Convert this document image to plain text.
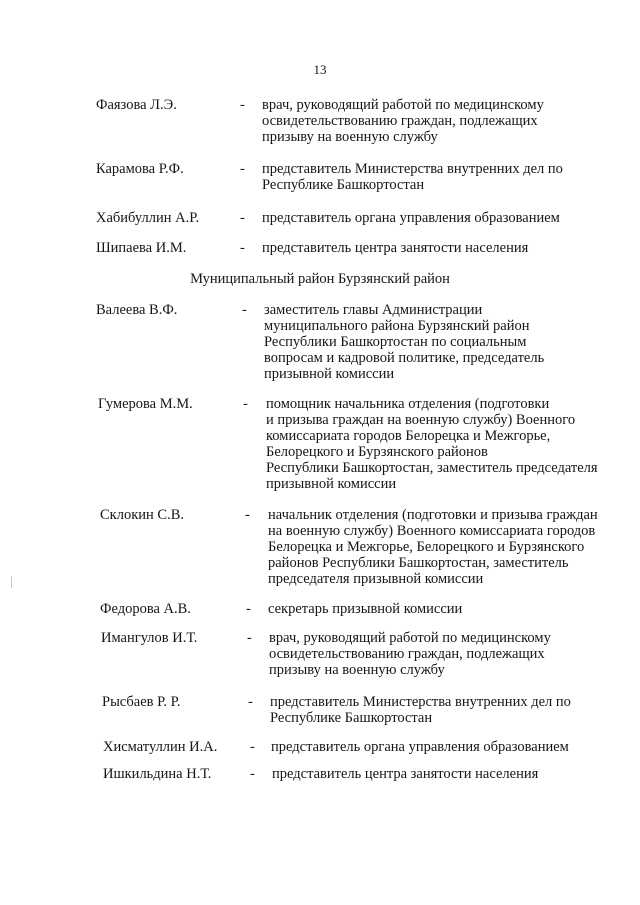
13
Фаязова Л.Э.	- врач, руководящий работой по медицинскому
освидетельствованию граждан, подлежащих
призыву на военную службу
Карамова Р.Ф.	- представитель Министерства внутренних дел по
Республике Башкортостан
Хабибуллин А.Р.	- представитель органа управления образованием
Шипаева И.М.	- представитель центра занятости населения
Муниципальный район Бурзянский район
Валеева В.Ф.	- заместитель главы Администрации
муниципального района Бурзянский район
Республики Башкортостан по социальным
вопросам и кадровой политике, председатель
призывной комиссии
Гумерова М.М.	- помощник начальника отделения (подготовки
и призыва граждан на военную службу) Военного
комиссариата городов Белорецка и Межгорье,
Белорецкого и Бурзянского районов
Республики Башкортостан, заместитель председателя
призывной комиссии
Склокин С.В.	- начальник отделения (подготовки и призыва граждан
на военную службу) Военного комиссариата городов
Белорецка и Межгорье, Белорецкого и Бурзянского
районов Республики Башкортостан, заместитель
председателя призывной комиссии
Федорова А.В.	- секретарь призывной комиссии
Имангулов И.Т.	- врач, руководящий работой по медицинскому
освидетельствованию граждан, подлежащих
призыву на военную службу
Рысбаев Р. Р.	- представитель Министерства внутренних дел по
Республике Башкортостан
Хисматуллин И.А. - представитель органа управления образованием
Ишкильдина Н.Т.	- представитель центра занятости населения
